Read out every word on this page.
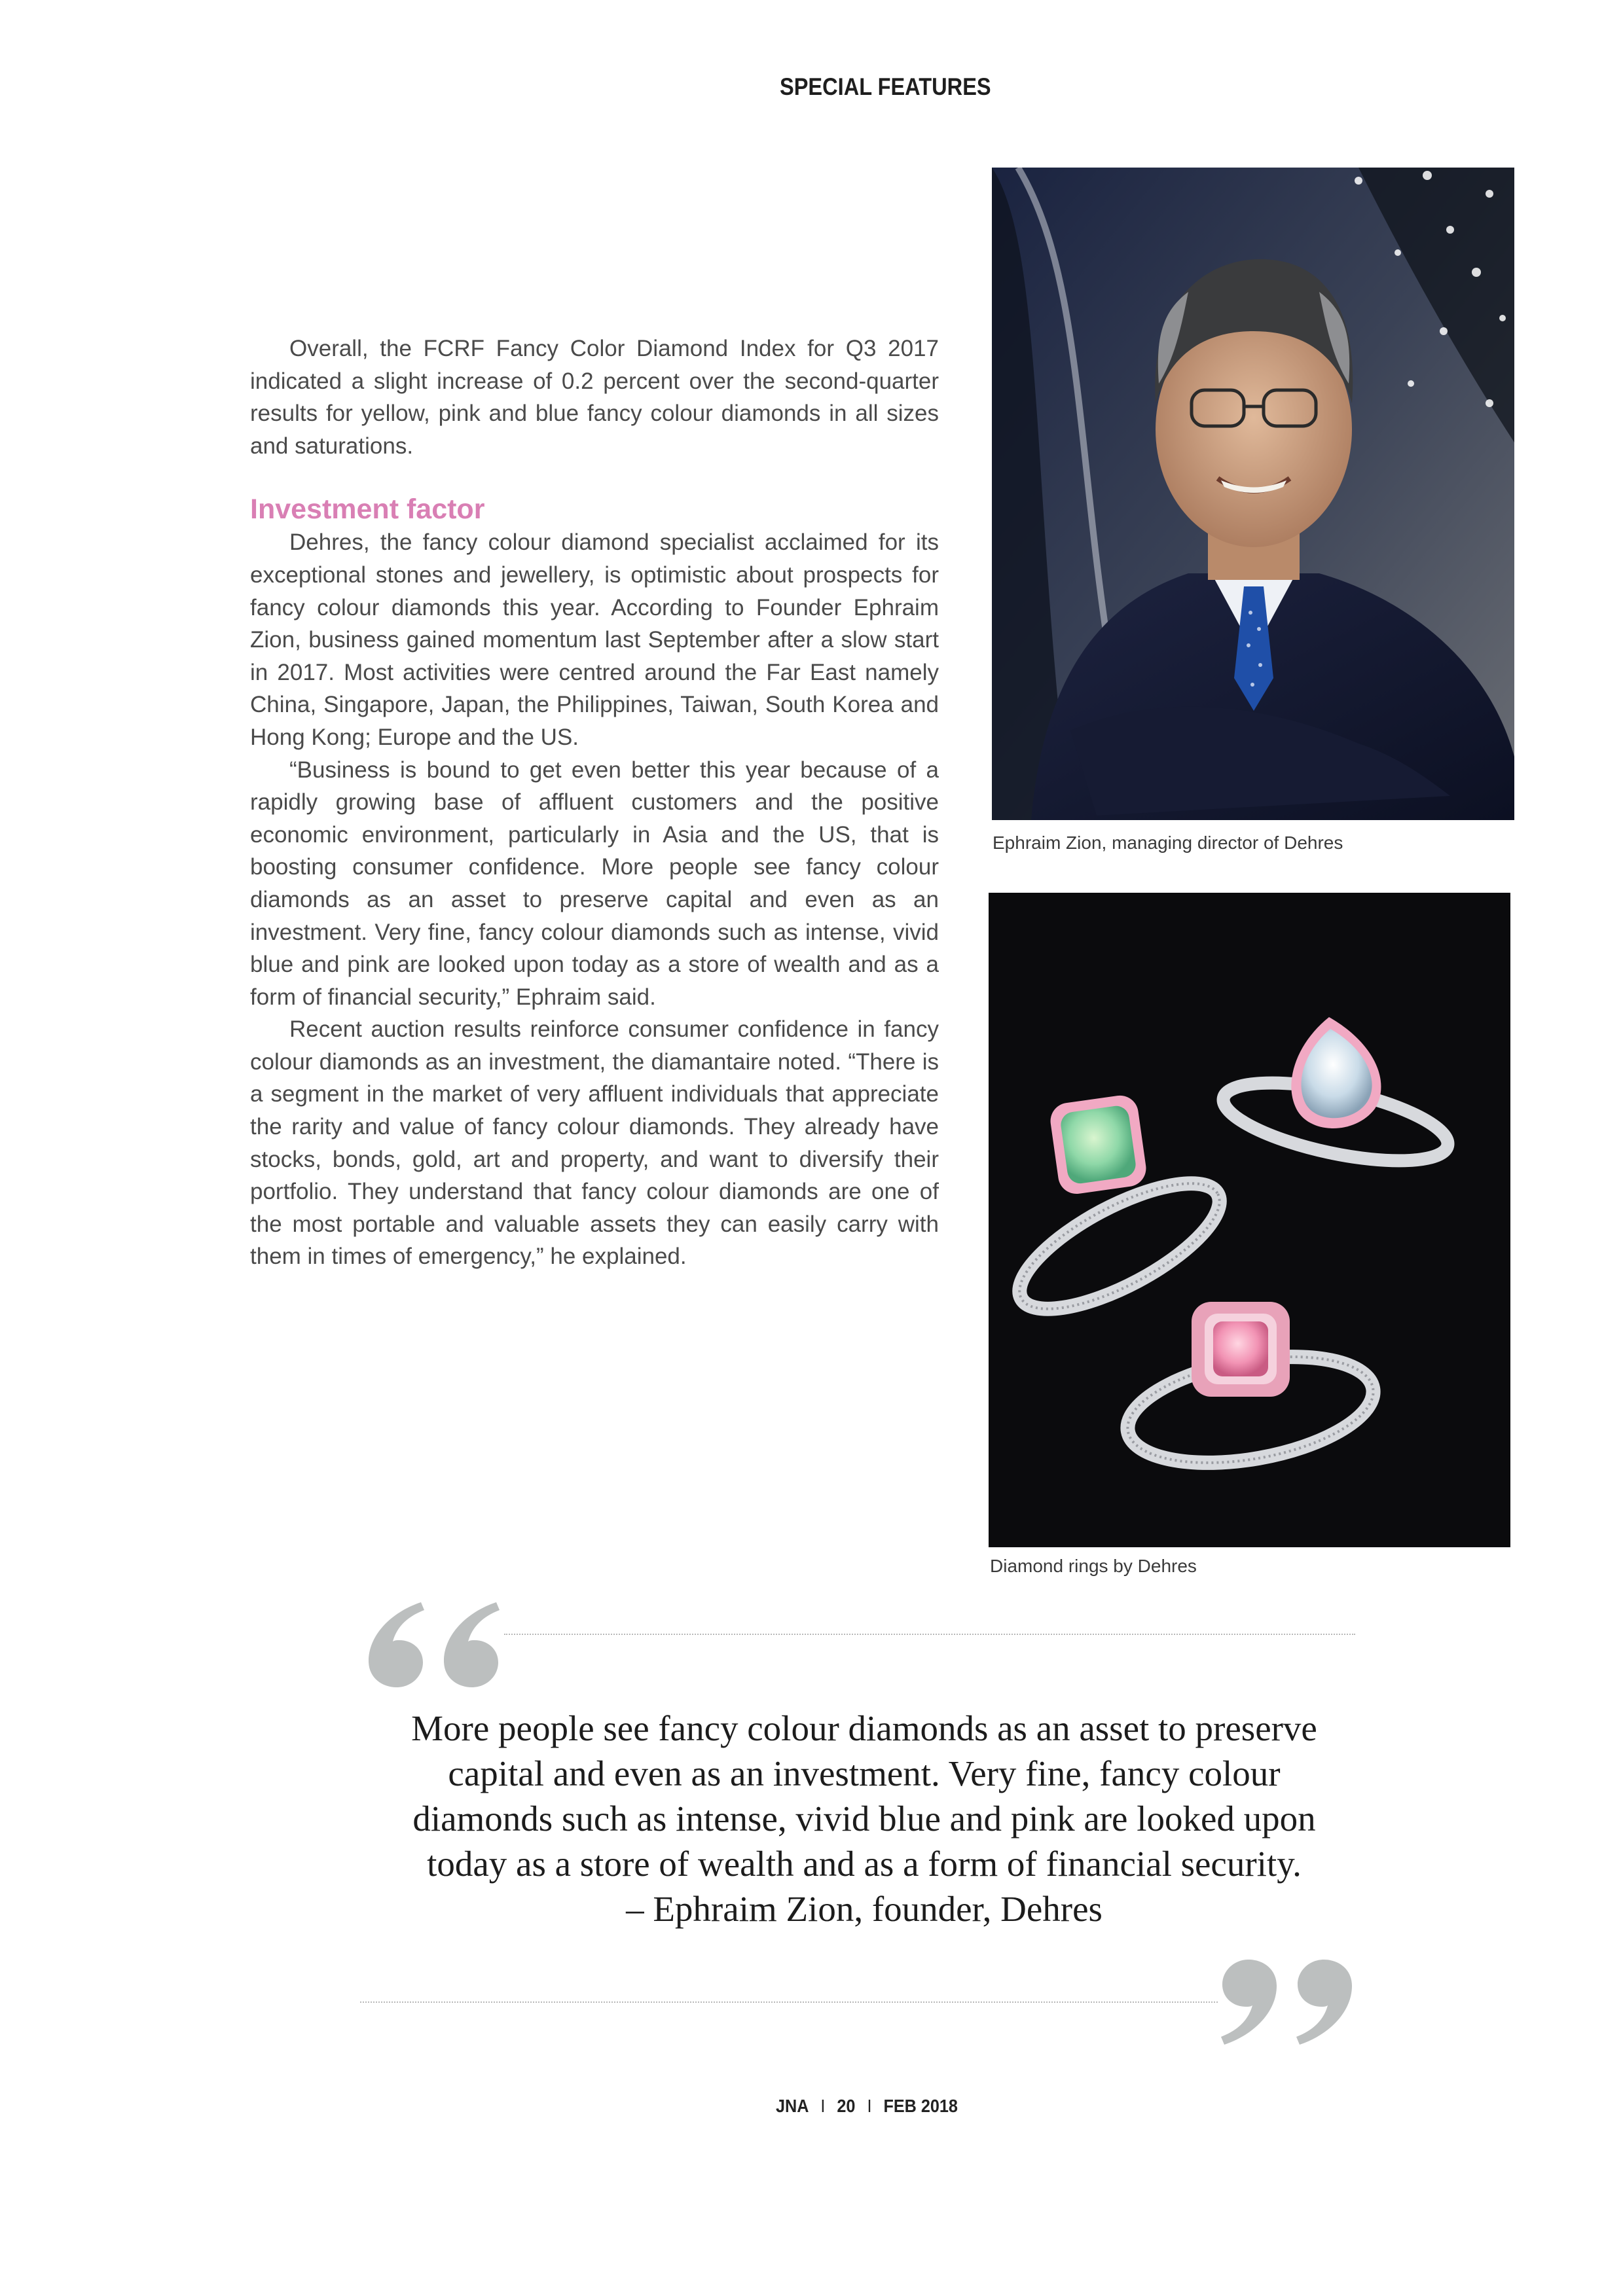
SPECIAL FEATURES

Overall, the FCRF Fancy Color Diamond Index for Q3 2017 indicated a slight increase of 0.2 percent over the second-quarter results for yellow, pink and blue fancy colour diamonds in all sizes and saturations.

Investment factor

Dehres, the fancy colour diamond specialist acclaimed for its exceptional stones and jewellery, is optimistic about prospects for fancy colour diamonds this year. According to Founder Ephraim Zion, business gained momentum last September after a slow start in 2017. Most activities were centred around the Far East namely China, Singapore, Japan, the Philippines, Taiwan, South Korea and Hong Kong; Europe and the US.

“Business is bound to get even better this year because of a rapidly growing base of affluent customers and the positive economic environment, particularly in Asia and the US, that is boosting consumer confidence. More people see fancy colour diamonds as an asset to preserve capital and even as an investment. Very fine, fancy colour diamonds such as intense, vivid blue and pink are looked upon today as a store of wealth and as a form of financial security,” Ephraim said.

Recent auction results reinforce consumer confidence in fancy colour diamonds as an investment, the diamantaire noted. “There is a segment in the market of very affluent individuals that appreciate the rarity and value of fancy colour diamonds. They already have stocks, bonds, gold, art and property, and want to diversify their portfolio. They understand that fancy colour diamonds are one of the most portable and valuable assets they can easily carry with them in times of emergency,” he explained.

Ephraim Zion, managing director of Dehres
Diamond rings by Dehres
More people see fancy colour diamonds as an asset to preserve
capital and even as an investment. Very fine, fancy colour
diamonds such as intense, vivid blue and pink are looked upon
today as a store of wealth and as a form of financial security.
– Ephraim Zion, founder, Dehres
JNA I 20 I FEB 2018
